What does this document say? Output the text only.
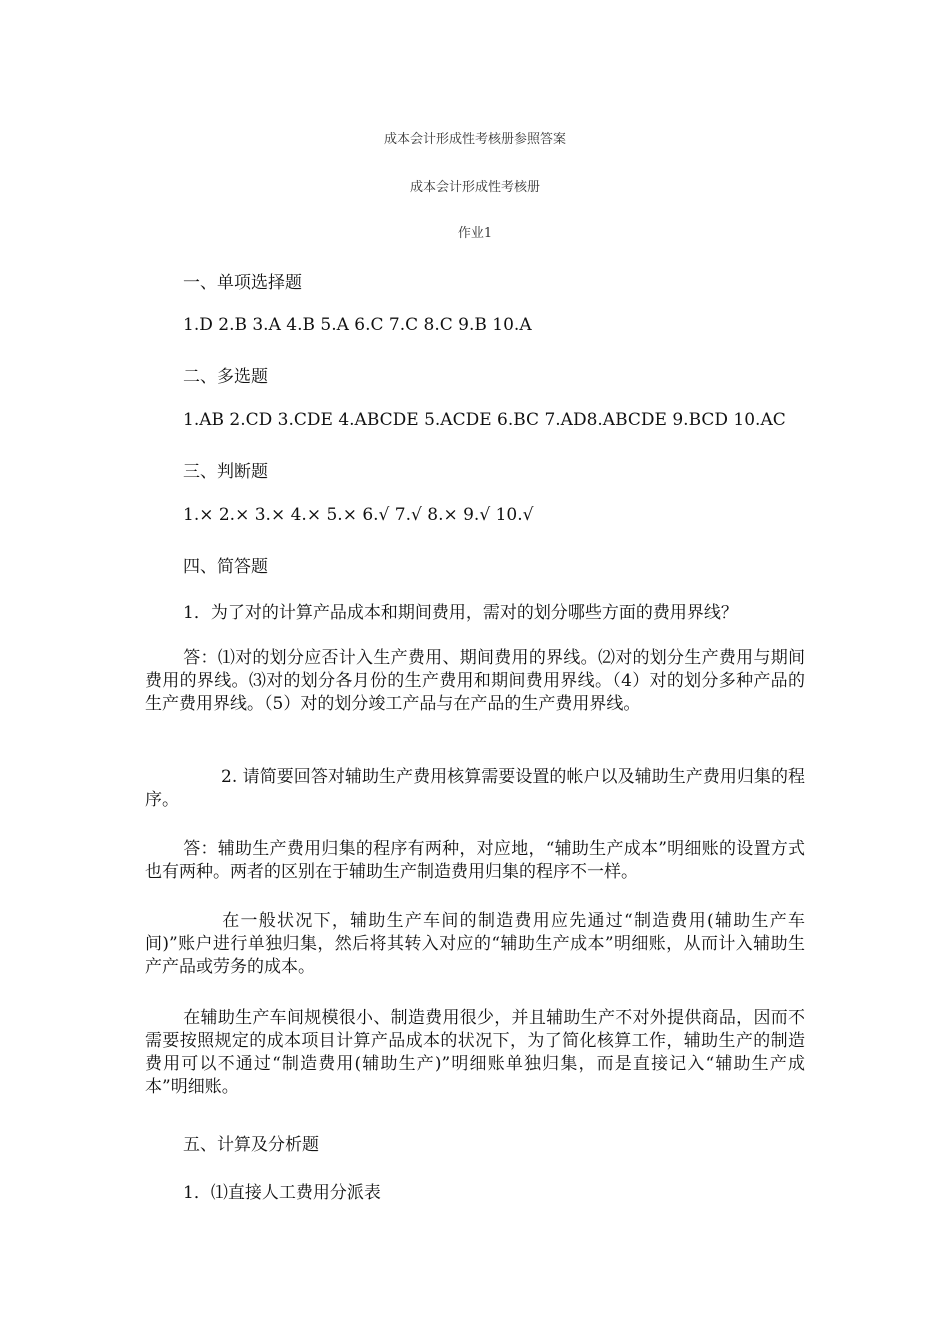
成本会计形成性考核册参照答案
成本会计形成性考核册
作业1
一、单项选择题
1.D 2.B 3.A 4.B 5.A 6.C 7.C 8.C 9.B 10.A
二、多选题
1.AB 2.CD 3.CDE 4.ABCDE 5.ACDE 6.BC 7.AD8.ABCDE 9.BCD 10.AC
三、判断题
1.× 2.× 3.× 4.× 5.× 6.√ 7.√ 8.× 9.√ 10.√
四、简答题
1．为了对的计算产品成本和期间费用，需对的划分哪些方面的费用界线？
答：⑴对的划分应否计入生产费用、期间费用的界线。⑵对的划分生产费用与期间费用的界线。⑶对的划分各月份的生产费用和期间费用界线。（4）对的划分多种产品的生产费用界线。（5）对的划分竣工产品与在产品的生产费用界线。
2. 请简要回答对辅助生产费用核算需要设置的帐户以及辅助生产费用归集的程序。
答：辅助生产费用归集的程序有两种，对应地，“辅助生产成本”明细账的设置方式也有两种。两者的区别在于辅助生产制造费用归集的程序不一样。
在一般状况下，辅助生产车间的制造费用应先通过“制造费用(辅助生产车间)”账户进行单独归集，然后将其转入对应的“辅助生产成本”明细账，从而计入辅助生产产品或劳务的成本。
在辅助生产车间规模很小、制造费用很少，并且辅助生产不对外提供商品，因而不需要按照规定的成本项目计算产品成本的状况下，为了简化核算工作，辅助生产的制造费用可以不通过“制造费用(辅助生产)”明细账单独归集，而是直接记入“辅助生产成本”明细账。
五、计算及分析题
1．⑴直接人工费用分派表
